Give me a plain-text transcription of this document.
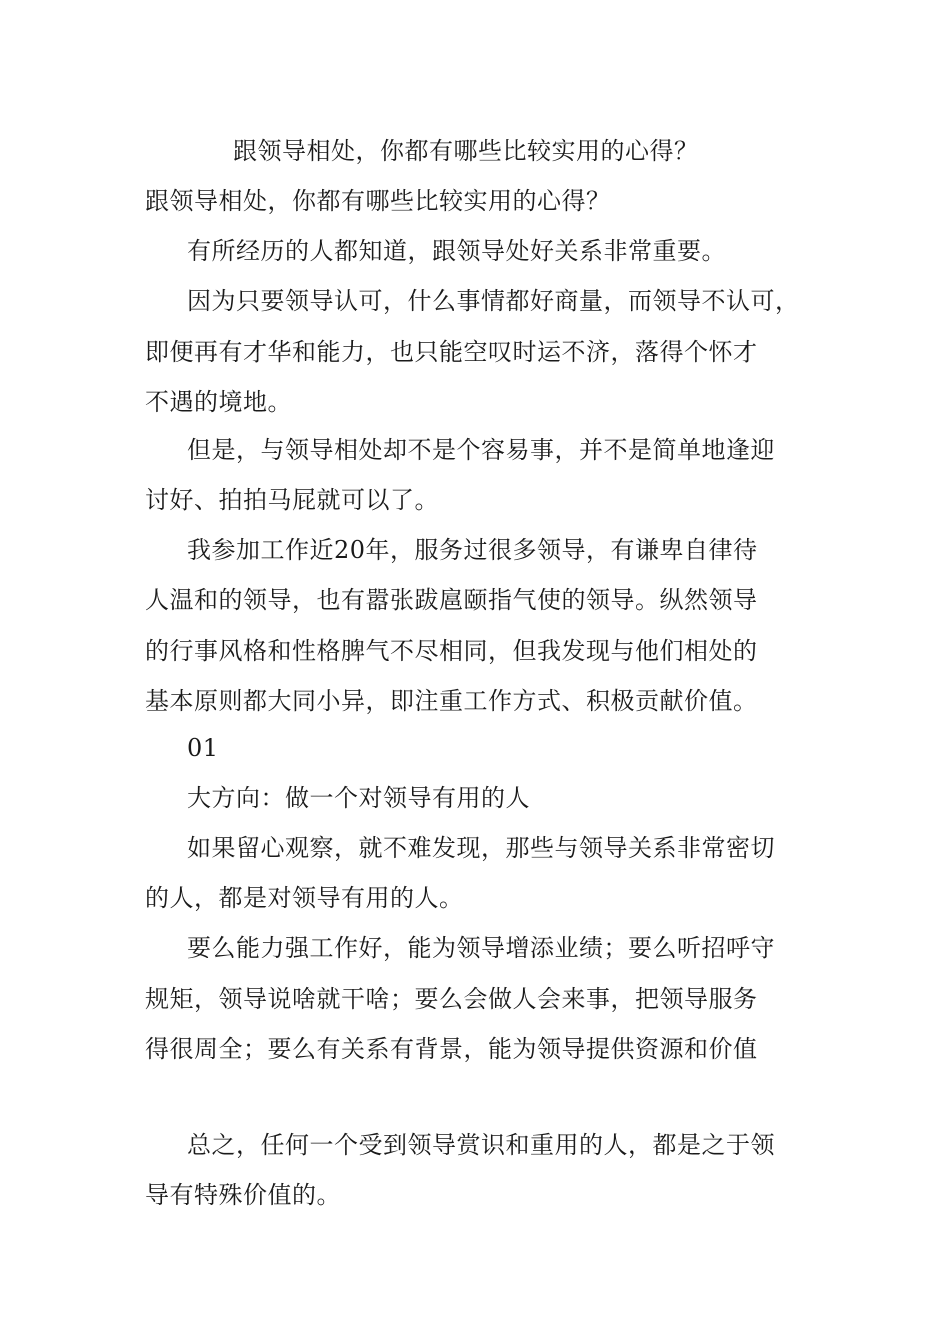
跟领导相处，你都有哪些比较实用的心得？
跟领导相处，你都有哪些比较实用的心得？
有所经历的人都知道，跟领导处好关系非常重要。
因为只要领导认可，什么事情都好商量，而领导不认可，
即便再有才华和能力，也只能空叹时运不济，落得个怀才
不遇的境地。
但是，与领导相处却不是个容易事，并不是简单地逢迎
讨好、拍拍马屁就可以了。
我参加工作近20年，服务过很多领导，有谦卑自律待
人温和的领导，也有嚣张跋扈颐指气使的领导。纵然领导
的行事风格和性格脾气不尽相同，但我发现与他们相处的
基本原则都大同小异，即注重工作方式、积极贡献价值。
01
大方向：做一个对领导有用的人
如果留心观察，就不难发现，那些与领导关系非常密切
的人，都是对领导有用的人。
要么能力强工作好，能为领导增添业绩；要么听招呼守
规矩，领导说啥就干啥；要么会做人会来事，把领导服务
得很周全；要么有关系有背景，能为领导提供资源和价值
总之，任何一个受到领导赏识和重用的人，都是之于领
导有特殊价值的。
